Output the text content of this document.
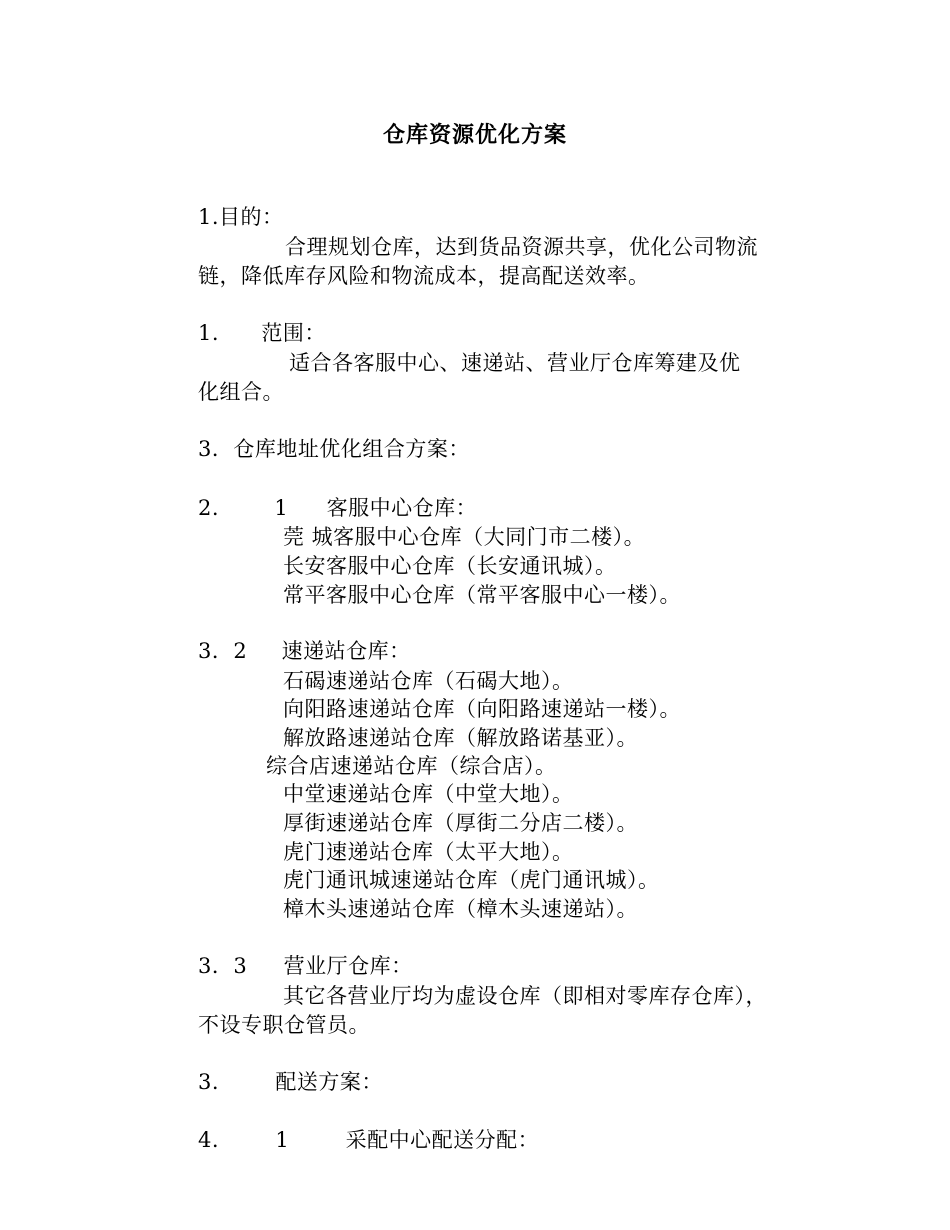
仓库资源优化方案
1.目的：
合理规划仓库，达到货品资源共享，优化公司物流
链，降低库存风险和物流成本，提高配送效率。
1. 范围：
适合各客服中心、速递站、营业厅仓库筹建及优
化组合。
3．仓库地址优化组合方案：
2.	1 客服中心仓库：
莞 城客服中心仓库（大同门市二楼）。
长安客服中心仓库（长安通讯城）。
常平客服中心仓库（常平客服中心一楼）。
3．2 速递站仓库：
石碣速递站仓库（石碣大地）。
向阳路速递站仓库（向阳路速递站一楼）。
解放路速递站仓库（解放路诺基亚）。
综合店速递站仓库（综合店）。
中堂速递站仓库（中堂大地）。
厚街速递站仓库（厚街二分店二楼）。
虎门速递站仓库（太平大地）。
虎门通讯城速递站仓库（虎门通讯城）。
樟木头速递站仓库（樟木头速递站）。
3．3 营业厅仓库：
其它各营业厅均为虚设仓库（即相对零库存仓库），
不设专职仓管员。
3.	配送方案：
4.	1	采配中心配送分配：
